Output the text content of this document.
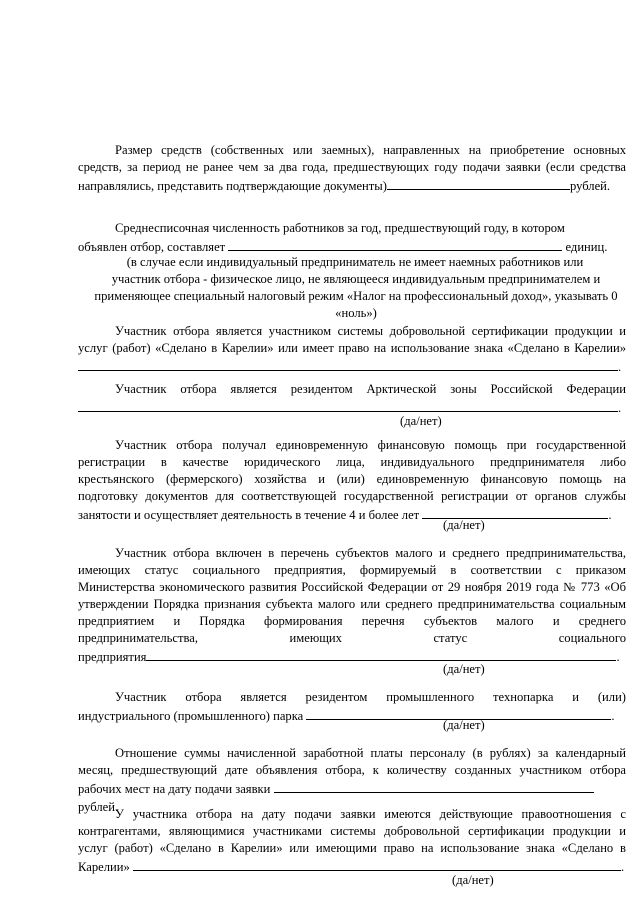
Размер средств (собственных или заемных), направленных на приобретение основных
средств, за период не ранее чем за два года, предшествующих году подачи заявки (если средства
направлялись, представить подтверждающие документы)	рублей.
Среднесписочная численность работников за год, предшествующий году, в котором
объявлен отбор, составляет	единиц.
(в случае если индивидуальный предприниматель не имеет наемных работников или
участник отбора - физическое лицо, не являющееся индивидуальным предпринимателем и
применяющее специальный налоговый режим «Налог на профессиональный доход», указывать 0
«ноль»)
Участник отбора является участником системы добровольной сертификации продукции и
услуг (работ) «Сделано в Карелии» или имеет право на использование знака «Сделано в Карелии»
.
Участник отбора является резидентом Арктической зоны Российской Федерации
.
(да/нет)
Участник отбора получал единовременную финансовую помощь при государственной
регистрации в качестве юридического лица, индивидуального предпринимателя либо
крестьянского (фермерского) хозяйства и (или) единовременную финансовую помощь на
подготовку документов для соответствующей государственной регистрации от органов службы
занятости и осуществляет деятельность в течение 4 и более лет	.
(да/нет)
Участник отбора включен в перечень субъектов малого и среднего предпринимательства,
имеющих статус социального предприятия, формируемый в соответствии с приказом
Министерства экономического развития Российской Федерации от 29 ноября 2019 года № 773 «Об
утверждении Порядка признания субъекта малого или среднего предпринимательства социальным
предприятием и Порядка формирования перечня субъектов малого и среднего
предпринимательства, имеющих статус социального
предприятия	.
(да/нет)
Участник отбора является резидентом промышленного технопарка и (или)
индустриального (промышленного) парка	.
(да/нет)
Отношение суммы начисленной заработной платы персоналу (в рублях) за календарный
месяц, предшествующий дате объявления отбора, к количеству созданных участником отбора
рабочих мест на дату подачи заявки  рублей.
У участника отбора на дату подачи заявки имеются действующие правоотношения с
контрагентами, являющимися участниками системы добровольной сертификации продукции и
услуг (работ) «Сделано в Карелии» или имеющими право на использование знака «Сделано в
Карелии»	.
(да/нет)
